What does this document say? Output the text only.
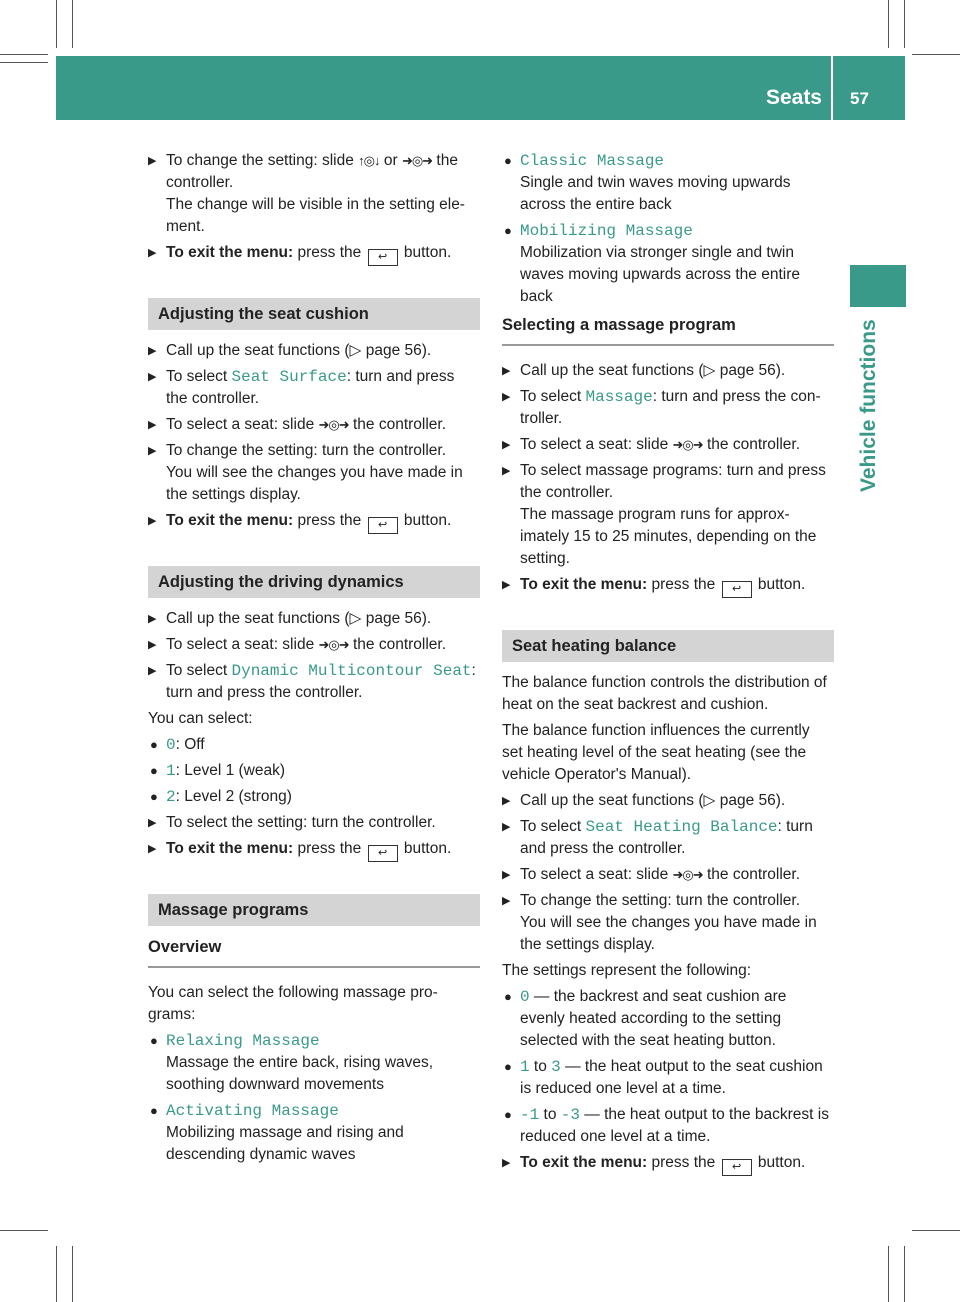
Seats 57
Vehicle functions
▶ To change the setting: slide ↑◎↓ or ➜◎➜ the controller.
The change will be visible in the setting ele-ment.
▶ To exit the menu: press the ↩ button.
Adjusting the seat cushion
▶ Call up the seat functions (▷ page 56).
▶ To select Seat Surface: turn and press the controller.
▶ To select a seat: slide ➜◎➜ the controller.
▶ To change the setting: turn the controller.
You will see the changes you have made in the settings display.
▶ To exit the menu: press the ↩ button.
Adjusting the driving dynamics
▶ Call up the seat functions (▷ page 56).
▶ To select a seat: slide ➜◎➜ the controller.
▶ To select Dynamic Multicontour Seat: turn and press the controller.

You can select:

● 0: Off
● 1: Level 1 (weak)
● 2: Level 2 (strong)
▶ To select the setting: turn the controller.
▶ To exit the menu: press the ↩ button.
Massage programs
Overview

You can select the following massage pro-grams:

● Relaxing Massage
Massage the entire back, rising waves, soothing downward movements
● Activating Massage
Mobilizing massage and rising and descending dynamic waves
● Classic Massage
Single and twin waves moving upwards across the entire back
● Mobilizing Massage
Mobilization via stronger single and twin waves moving upwards across the entire back
Selecting a massage program
▶ Call up the seat functions (▷ page 56).
▶ To select Massage: turn and press the con-troller.
▶ To select a seat: slide ➜◎➜ the controller.
▶ To select massage programs: turn and press the controller.
The massage program runs for approx-imately 15 to 25 minutes, depending on the setting.
▶ To exit the menu: press the ↩ button.
Seat heating balance

The balance function controls the distribution of heat on the seat backrest and cushion.

The balance function influences the currently set heating level of the seat heating (see the vehicle Operator's Manual).

▶ Call up the seat functions (▷ page 56).
▶ To select Seat Heating Balance: turn and press the controller.
▶ To select a seat: slide ➜◎➜ the controller.
▶ To change the setting: turn the controller.
You will see the changes you have made in the settings display.

The settings represent the following:

● 0 — the backrest and seat cushion are evenly heated according to the setting selected with the seat heating button.
● 1 to 3 — the heat output to the seat cushion is reduced one level at a time.
● -1 to -3 — the heat output to the backrest is reduced one level at a time.
▶ To exit the menu: press the ↩ button.
